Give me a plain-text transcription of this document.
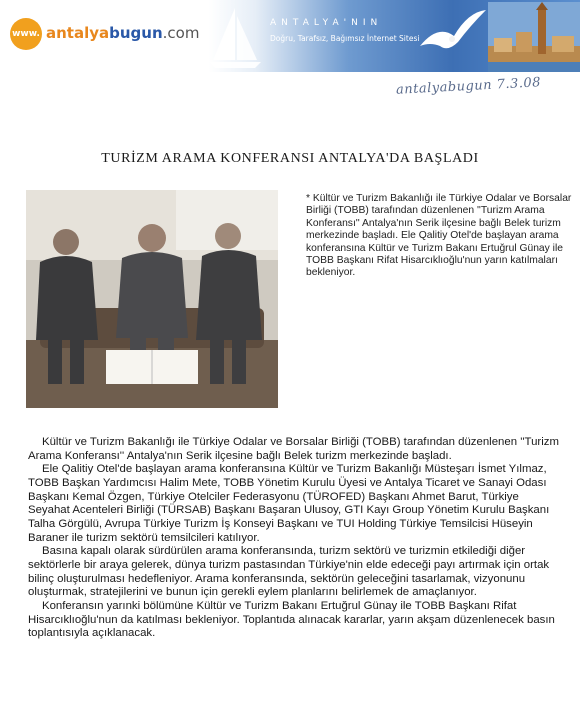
www. antalyabugun.com
ANTALYA'NIN
Doğru, Tarafsız, Bağımsız İnternet Sitesi
antalyabugun 7.3.08
TURİZM ARAMA KONFERANSI ANTALYA'DA BAŞLADI
* Kültür ve Turizm Bakanlığı ile Türkiye Odalar ve Borsalar Birliği (TOBB) tarafından düzenlenen ''Turizm Arama Konferansı'' Antalya'nın Serik ilçesine bağlı Belek turizm merkezinde başladı. Ele Qalitiy Otel'de başlayan arama konferansına Kültür ve Turizm Bakanı Ertuğrul Günay ile TOBB Başkanı Rifat Hisarcıklıoğlu'nun yarın katılmaları bekleniyor.

Kültür ve Turizm Bakanlığı ile Türkiye Odalar ve Borsalar Birliği (TOBB) tarafından düzenlenen ''Turizm Arama Konferansı'' Antalya'nın Serik ilçesine bağlı Belek turizm merkezinde başladı.

Ele Qalitiy Otel'de başlayan arama konferansına Kültür ve Turizm Bakanlığı Müsteşarı İsmet Yılmaz, TOBB Başkan Yardımcısı Halim Mete, TOBB Yönetim Kurulu Üyesi ve Antalya Ticaret ve Sanayi Odası Başkanı Kemal Özgen, Türkiye Otelciler Federasyonu (TÜROFED) Başkanı Ahmet Barut, Türkiye Seyahat Acenteleri Birliği (TÜRSAB) Başkanı Başaran Ulusoy, GTI Kayı Group Yönetim Kurulu Başkanı Talha Görgülü, Avrupa Türkiye Turizm İş Konseyi Başkanı ve TUI Holding Türkiye Temsilcisi Hüseyin Baraner ile turizm sektörü temsilcileri katılıyor.

Basına kapalı olarak sürdürülen arama konferansında, turizm sektörü ve turizmin etkilediği diğer sektörlerle bir araya gelerek, dünya turizm pastasından Türkiye'nin elde edeceği payı artırmak için ortak bilinç oluşturulması hedefleniyor. Arama konferansında, sektörün geleceğini tasarlamak, vizyonunu oluşturmak, stratejilerini ve bunun için gerekli eylem planlarını belirlemek de amaçlanıyor.

Konferansın yarınki bölümüne Kültür ve Turizm Bakanı Ertuğrul Günay ile TOBB Başkanı Rifat Hisarcıklıoğlu'nun da katılması bekleniyor. Toplantıda alınacak kararlar, yarın akşam düzenlenecek basın toplantısıyla açıklanacak.
